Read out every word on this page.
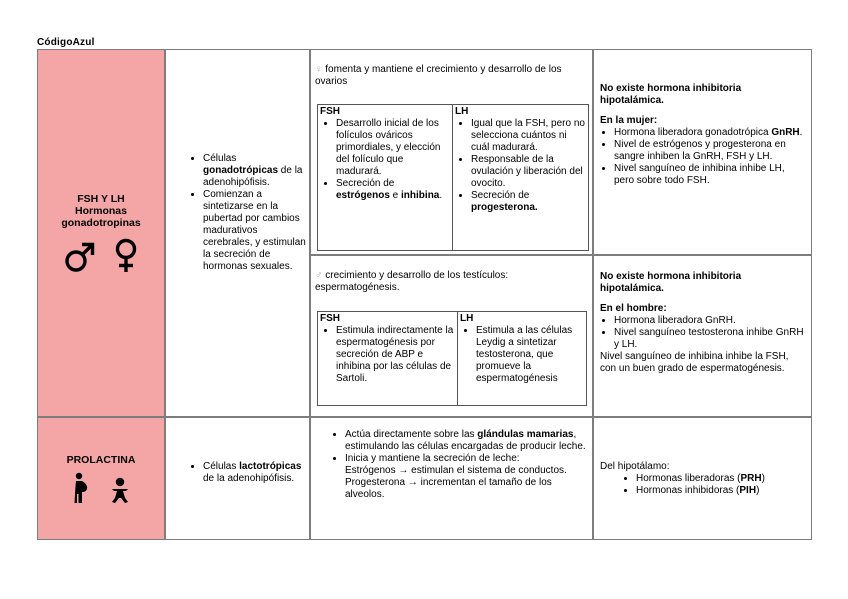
CódigoAzul
FSH Y LH
Hormonas
gonadotropinas

• Células gonadotrópicas de la adenohipófisis.
• Comienzan a sintetizarse en la pubertad por cambios madurativos cerebrales, y estimulan la secreción de hormonas sexuales.
♀ fomenta y mantiene el crecimiento y desarrollo de los ovarios
FSH
• Desarrollo inicial de los folículos ováricos primordiales, y elección del folículo que madurará.
• Secreción de estrógenos e inhibina.
LH
• Igual que la FSH, pero no selecciona cuántos ni cuál madurará.
• Responsable de la ovulación y liberación del ovocito.
• Secreción de progesterona.
No existe hormona inhibitoria hipotalámica.
En la mujer:
• Hormona liberadora gonadotrópica GnRH.
• Nivel de estrógenos y progesterona en sangre inhiben la GnRH, FSH y LH.
• Nivel sanguíneo de inhibina inhibe LH, pero sobre todo FSH.
♂ crecimiento y desarrollo de los testículos: espermatogénesis.
FSH
• Estimula indirectamente la espermatogénesis por secreción de ABP e inhibina por las células de Sartoli.
LH
• Estimula a las células Leydig a sintetizar testosterona, que promueve la espermatogénesis
No existe hormona inhibitoria hipotalámica.
En el hombre:
• Hormona liberadora GnRH.
• Nivel sanguíneo testosterona inhibe GnRH y LH.
Nivel sanguíneo de inhibina inhibe la FSH, con un buen grado de espermatogénesis.
PROLACTINA

• Células lactotrópicas de la adenohipófisis.
• Actúa directamente sobre las glándulas mamarias, estimulando las células encargadas de producir leche.
• Inicia y mantiene la secreción de leche:
Estrógenos → estimulan el sistema de conductos.
Progesterona → incrementan el tamaño de los alveolos.
Del hipotálamo:
• Hormonas liberadoras (PRH)
• Hormonas inhibidoras (PIH)
